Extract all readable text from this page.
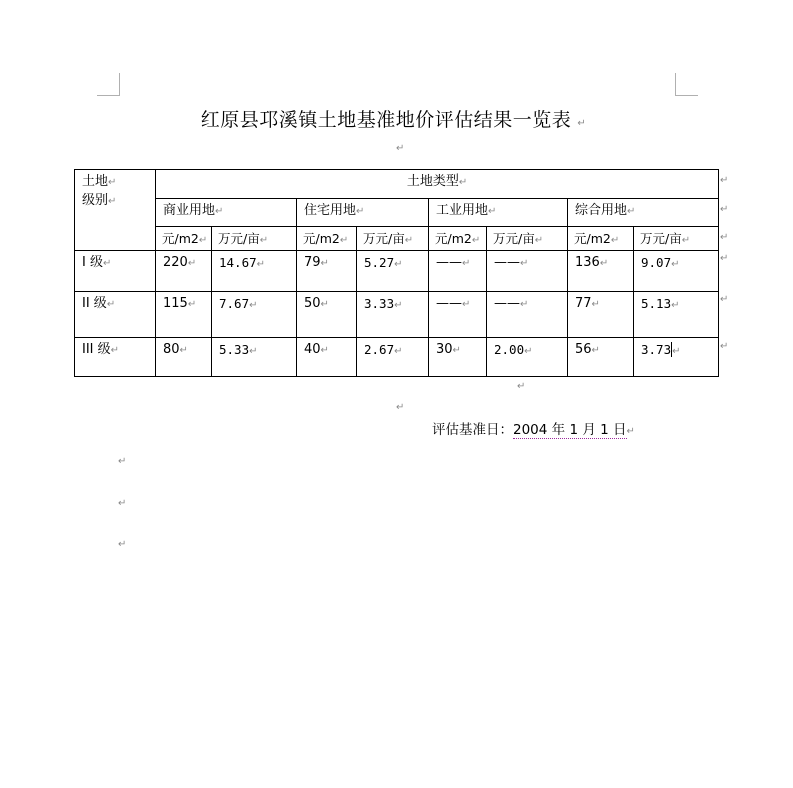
红原县邛溪镇土地基准地价评估结果一览表 ↵
↵
土地↵
级别↵	土地类型↵							
	商业用地↵		住宅用地↵		工业用地↵		综合用地↵	
	元/m2↵	万元/亩↵	元/m2↵	万元/亩↵	元/m2↵	万元/亩↵	元/m2↵	万元/亩↵
I 级↵	220↵	14.67↵	79↵	5.27↵	——↵	——↵	136↵	9.07↵
II 级↵	115↵	7.67↵	50↵	3.33↵	——↵	——↵	77↵	5.13↵
III 级↵	80↵	5.33↵	40↵	2.67↵	30↵	2.00↵	56↵	3.73↵
↵
↵
↵
↵
↵
↵
↵
↵
评估基准日：2004 年 1 月 1 日↵
↵
↵
↵
